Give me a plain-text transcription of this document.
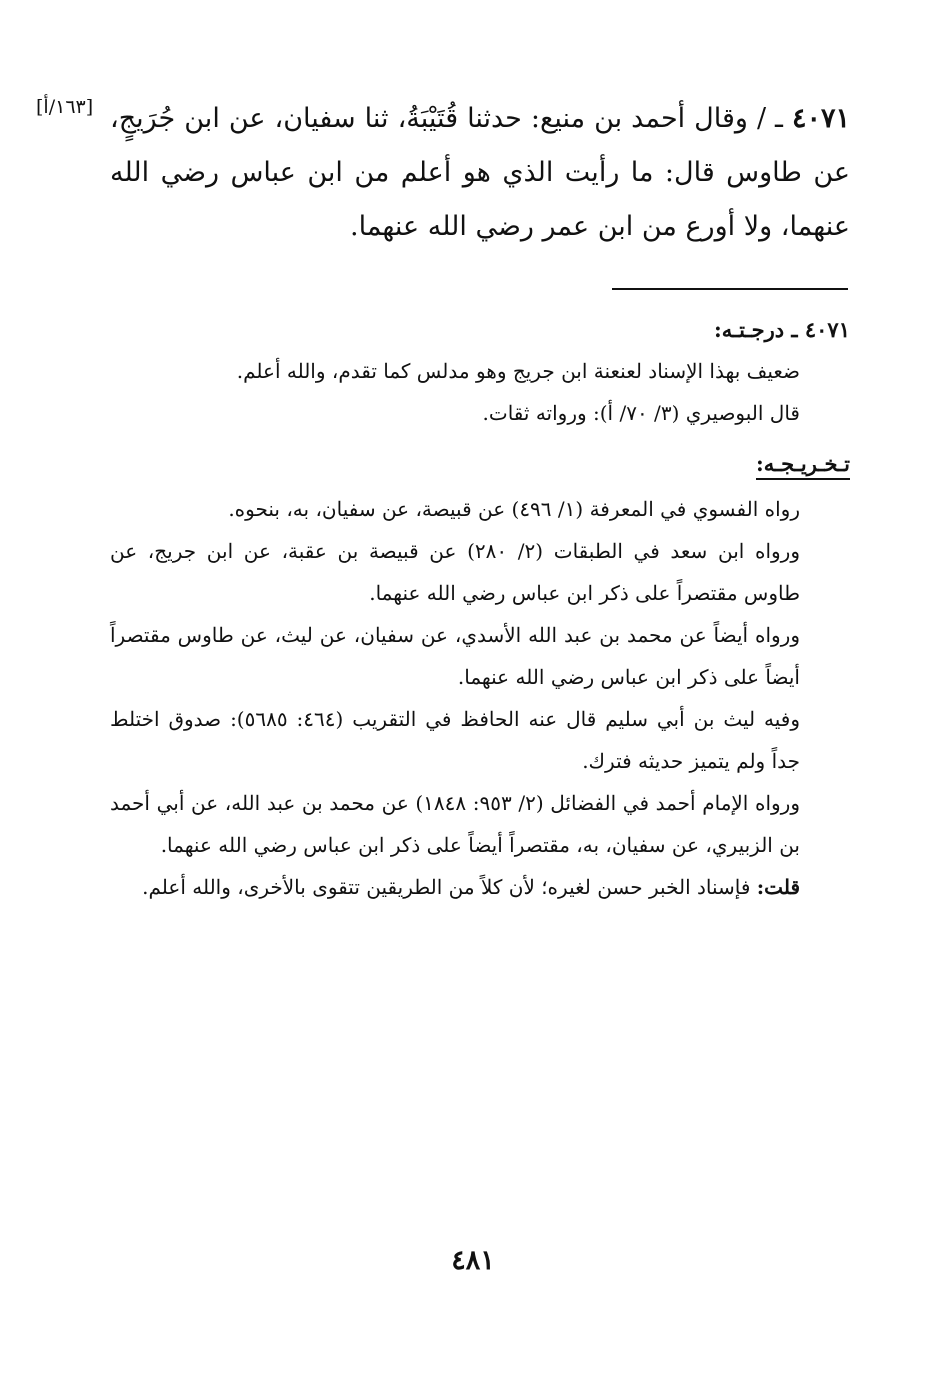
[١٦٣/أ]	٤٠٧١ ـ / وقال أحمد بن منيع: حدثنا قُتَيْبَةُ، ثنا سفيان، عن ابن جُرَيجٍ، عن طاوس قال: ما رأيت الذي هو أعلم من ابن عباس رضي الله عنهما، ولا أورع من ابن عمر رضي الله عنهما.
٤٠٧١ ـ درجـتـه:

ضعيف بهذا الإسناد لعنعنة ابن جريج وهو مدلس كما تقدم، والله أعلم.

قال البوصيري (٣/ ٧٠/ أ): ورواته ثقات.

تـخـريـجـه:

رواه الفسوي في المعرفة (١/ ٤٩٦) عن قبيصة، عن سفيان، به، بنحوه.

ورواه ابن سعد في الطبقات (٢/ ٢٨٠) عن قبيصة بن عقبة، عن ابن جريج، عن طاوس مقتصراً على ذكر ابن عباس رضي الله عنهما.

ورواه أيضاً عن محمد بن عبد الله الأسدي، عن سفيان، عن ليث، عن طاوس مقتصراً أيضاً على ذكر ابن عباس رضي الله عنهما.

وفيه ليث بن أبي سليم قال عنه الحافظ في التقريب (٤٦٤: ٥٦٨٥): صدوق اختلط جداً ولم يتميز حديثه فترك.

ورواه الإمام أحمد في الفضائل (٢/ ٩٥٣: ١٨٤٨) عن محمد بن عبد الله، عن أبي أحمد بن الزبيري، عن سفيان، به، مقتصراً أيضاً على ذكر ابن عباس رضي الله عنهما.

قلت: فإسناد الخبر حسن لغيره؛ لأن كلاً من الطريقين تتقوى بالأخرى، والله أعلم.

٤٨١
